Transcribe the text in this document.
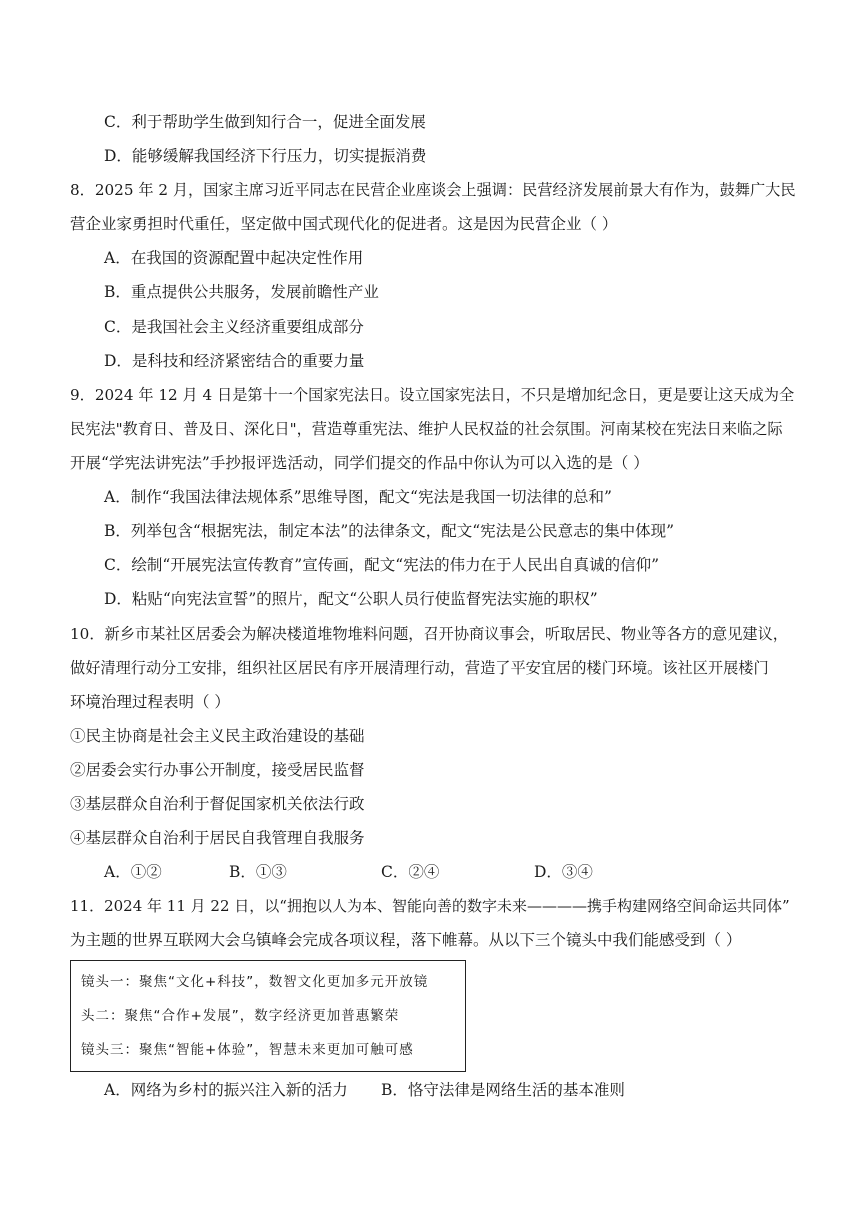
C．利于帮助学生做到知行合一，促进全面发展
D．能够缓解我国经济下行压力，切实提振消费
8．2025 年 2 月，国家主席习近平同志在民营企业座谈会上强调：民营经济发展前景大有作为，鼓舞广大民
营企业家勇担时代重任，坚定做中国式现代化的促进者。这是因为民营企业（ ）
A．在我国的资源配置中起决定性作用
B．重点提供公共服务，发展前瞻性产业
C．是我国社会主义经济重要组成部分
D．是科技和经济紧密结合的重要力量
9．2024 年 12 月 4 日是第十一个国家宪法日。设立国家宪法日，不只是增加纪念日，更是要让这天成为全
民宪法"教育日、普及日、深化日"，营造尊重宪法、维护人民权益的社会氛围。河南某校在宪法日来临之际
开展“学宪法讲宪法”手抄报评选活动，同学们提交的作品中你认为可以入选的是（ ）
A．制作“我国法律法规体系”思维导图，配文“宪法是我国一切法律的总和”
B．列举包含“根据宪法，制定本法”的法律条文，配文“宪法是公民意志的集中体现”
C．绘制“开展宪法宣传教育”宣传画，配文“宪法的伟力在于人民出自真诚的信仰”
D．粘贴“向宪法宣誓”的照片，配文“公职人员行使监督宪法实施的职权”
10．新乡市某社区居委会为解决楼道堆物堆料问题，召开协商议事会，听取居民、物业等各方的意见建议，
做好清理行动分工安排，组织社区居民有序开展清理行动，营造了平安宜居的楼门环境。该社区开展楼门
环境治理过程表明（ ）
①民主协商是社会主义民主政治建设的基础
②居委会实行办事公开制度，接受居民监督
③基层群众自治利于督促国家机关依法行政
④基层群众自治利于居民自我管理自我服务
A．①②	B．①③	C．②④	D．③④
11．2024 年 11 月 22 日，以“拥抱以人为本、智能向善的数字未来————携手构建网络空间命运共同体”
为主题的世界互联网大会乌镇峰会完成各项议程，落下帷幕。从以下三个镜头中我们能感受到（ ）
镜头一：聚焦“文化+科技”，数智文化更加多元开放镜
头二：聚焦“合作+发展”，数字经济更加普惠繁荣
镜头三：聚焦“智能+体验”，智慧未来更加可触可感
A．网络为乡村的振兴注入新的活力 B．恪守法律是网络生活的基本准则
